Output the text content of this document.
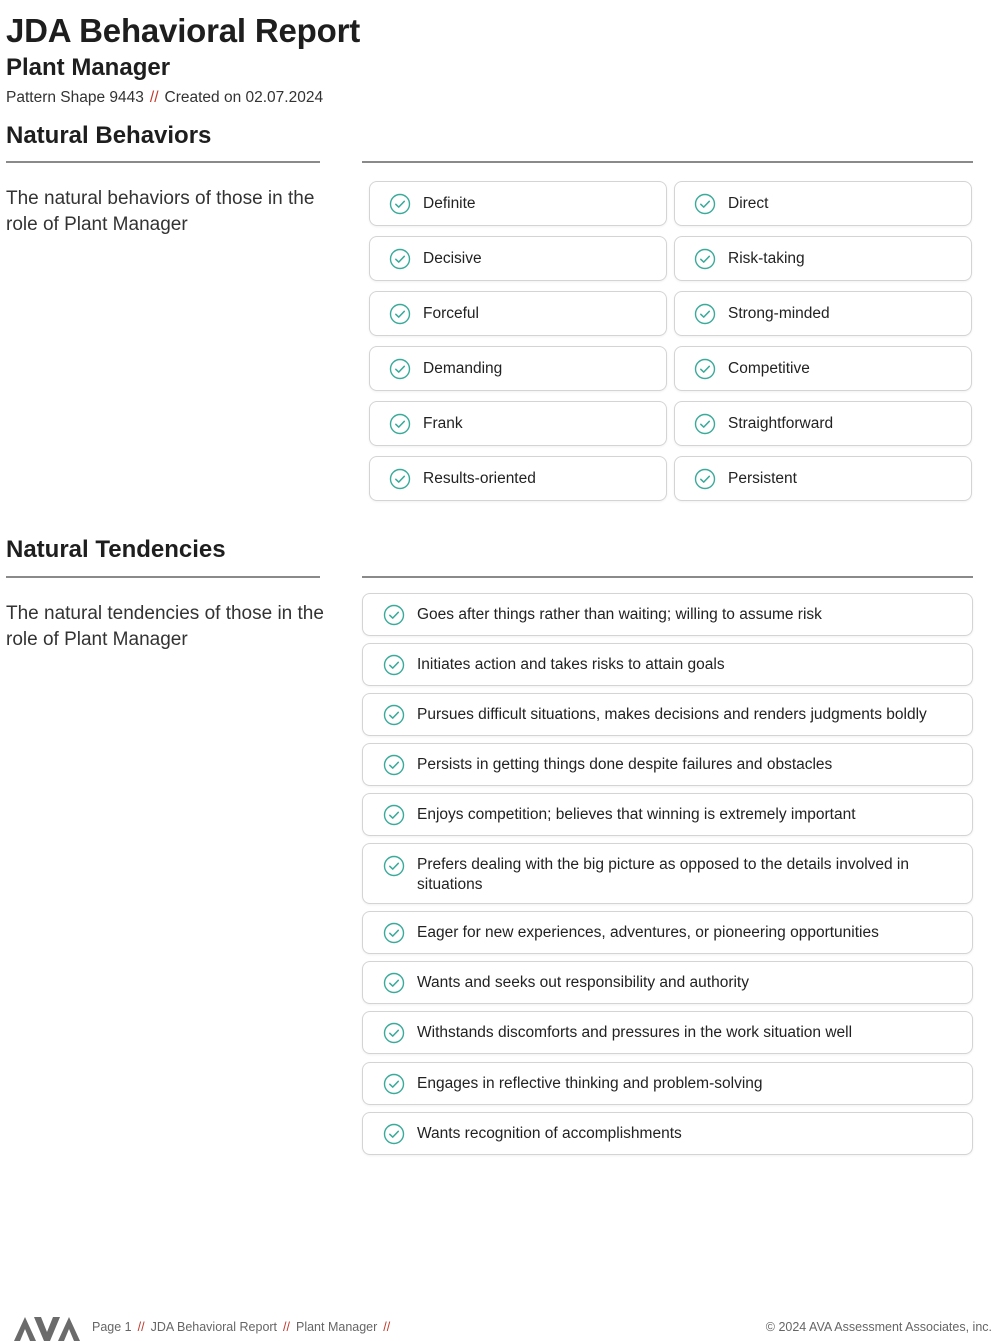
JDA Behavioral Report
Plant Manager
Pattern Shape 9443 // Created on 02.07.2024
Natural Behaviors
The natural behaviors of those in the role of Plant Manager
Definite	Direct
Decisive	Risk-taking
Forceful	Strong-minded
Demanding	Competitive
Frank	Straightforward
Results-oriented	Persistent
Natural Tendencies
The natural tendencies of those in the role of Plant Manager
Goes after things rather than waiting; willing to assume risk
Initiates action and takes risks to attain goals
Pursues difficult situations, makes decisions and renders judgments boldly
Persists in getting things done despite failures and obstacles
Enjoys competition; believes that winning is extremely important
Prefers dealing with the big picture as opposed to the details involved in situations
Eager for new experiences, adventures, or pioneering opportunities
Wants and seeks out responsibility and authority
Withstands discomforts and pressures in the work situation well
Engages in reflective thinking and problem-solving
Wants recognition of accomplishments
Page 1 // JDA Behavioral Report // Plant Manager //	© 2024 AVA Assessment Associates, inc.
